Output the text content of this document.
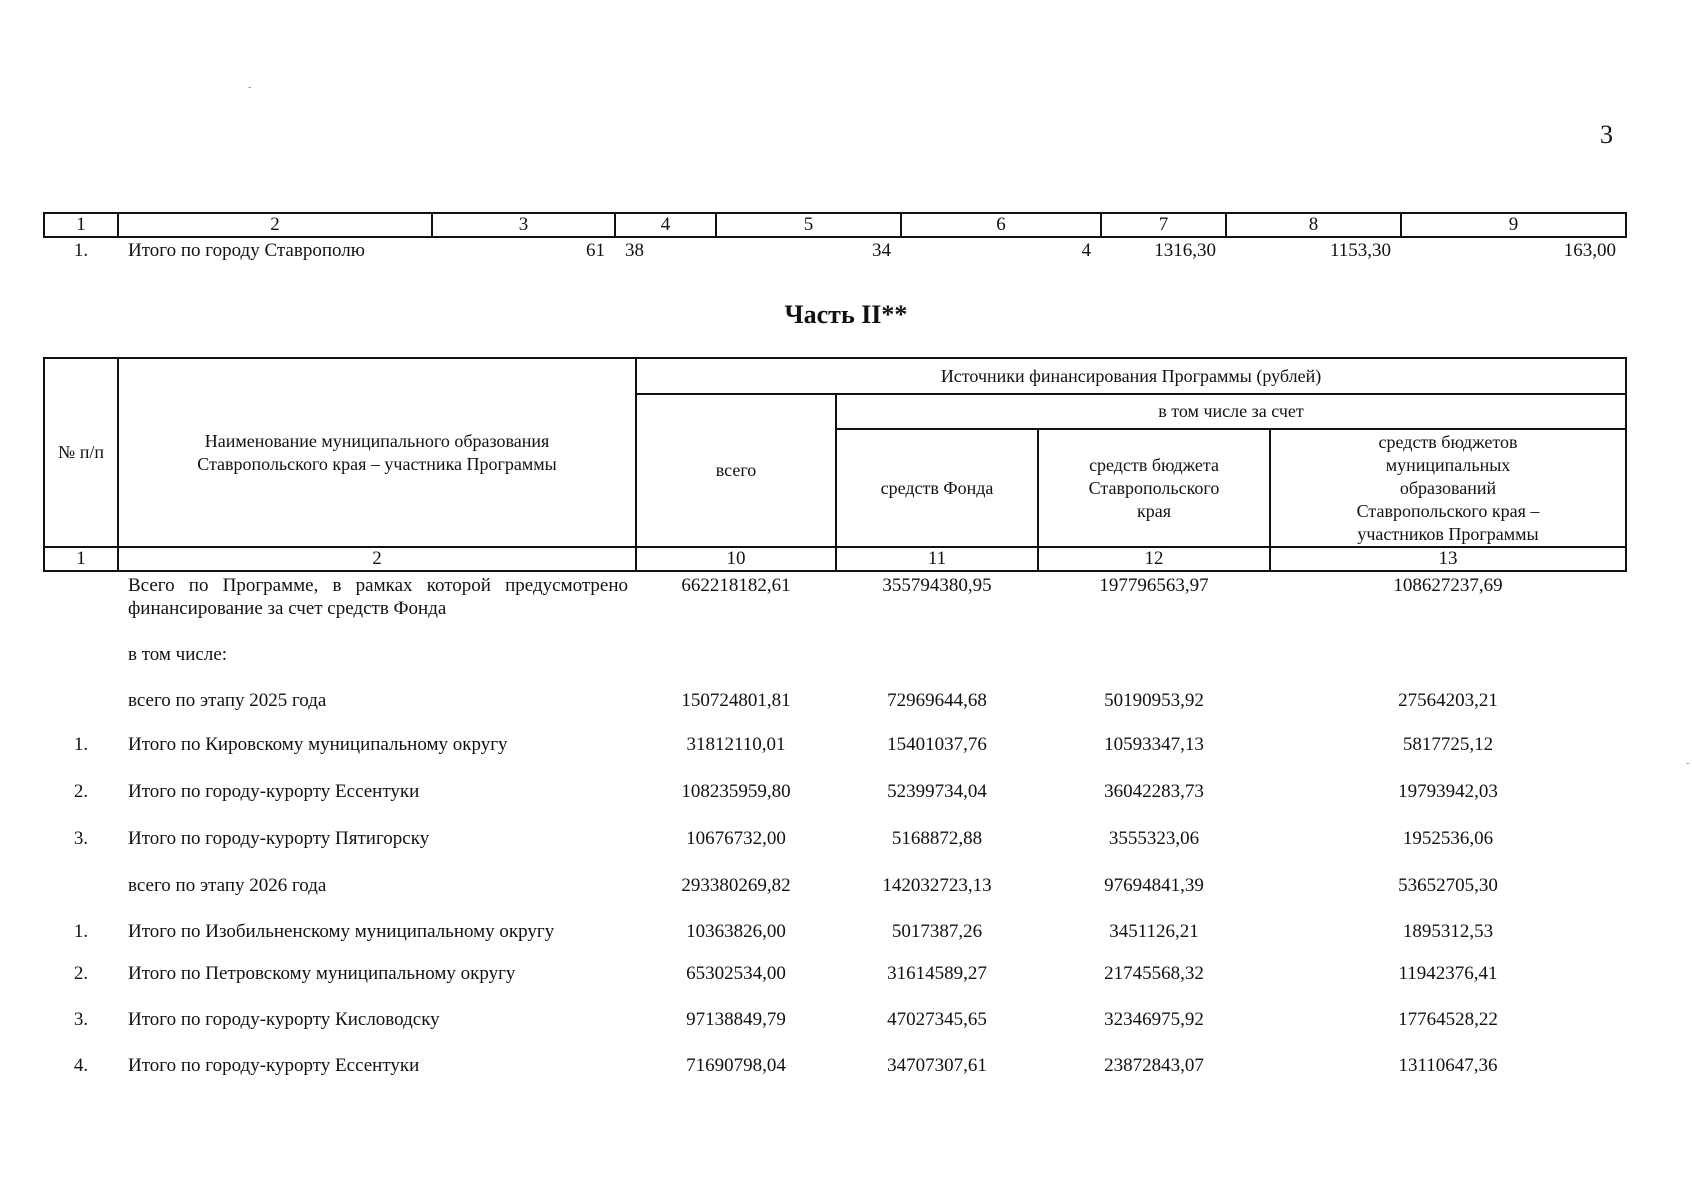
-
-
3
1	2	3	4	5	6	7	8	9
1.	Итого по городу Ставрополю	61	38	34	4	1316,30	1153,30	163,00
Часть II**
№ п/п	Наименование муниципального образования Ставропольского края – участника Программы	Источники финансирования Программы (рублей)			
		всего	в том числе за счет		
			средств Фонда	средств бюджета Ставропольского края	средств бюджетов муниципальных образований Ставропольского края – участников Программы
1	2	10	11	12	13
	Всего по Программе, в рамках которой предусмотрено финансирование за счет средств Фонда	662218182,61	355794380,95	197796563,97	108627237,69
	в том числе:				
	всего по этапу 2025 года	150724801,81	72969644,68	50190953,92	27564203,21
1.	Итого по Кировскому муниципальному округу	31812110,01	15401037,76	10593347,13	5817725,12
2.	Итого по городу-курорту Ессентуки	108235959,80	52399734,04	36042283,73	19793942,03
3.	Итого по городу-курорту Пятигорску	10676732,00	5168872,88	3555323,06	1952536,06
	всего по этапу 2026 года	293380269,82	142032723,13	97694841,39	53652705,30
1.	Итого по Изобильненскому муниципальному округу	10363826,00	5017387,26	3451126,21	1895312,53
2.	Итого по Петровскому муниципальному округу	65302534,00	31614589,27	21745568,32	11942376,41
3.	Итого по городу-курорту Кисловодску	97138849,79	47027345,65	32346975,92	17764528,22
4.	Итого по городу-курорту Ессентуки	71690798,04	34707307,61	23872843,07	13110647,36
